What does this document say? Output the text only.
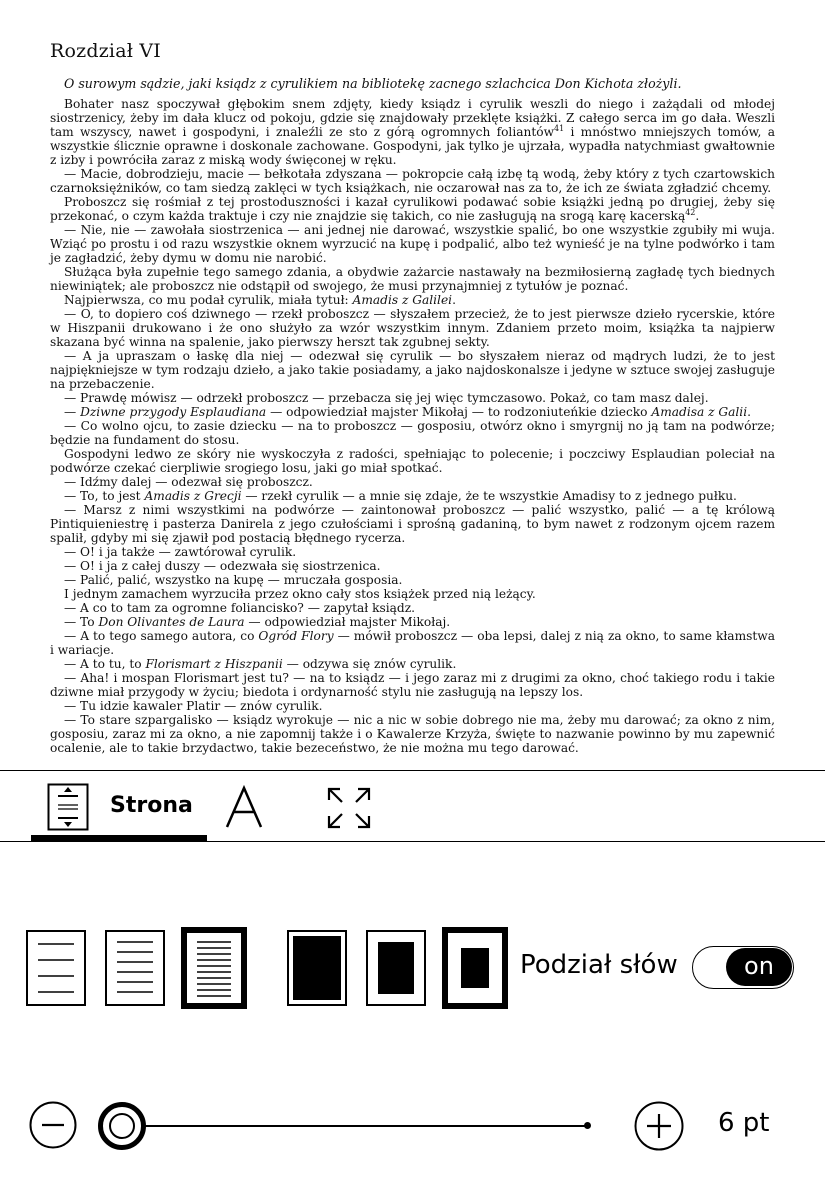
Rozdział VI
O surowym sądzie, jaki ksiądz z cyrulikiem na bibliotekę zacnego szlachcica Don Kichota złożyli.

Bohater nasz spoczywał głębokim snem zdjęty, kiedy ksiądz i cyrulik weszli do niego i zażądali od młodej siostrzenicy, żeby im dała klucz od pokoju, gdzie się znajdowały przeklęte książki. Z całego serca im go dała. Weszli tam wszyscy, nawet i gospodyni, i znaleźli ze sto z górą ogromnych foliantów$^{41}$ i mnóstwo mniejszych tomów, a wszystkie ślicznie oprawne i doskonale zachowane. Gospodyni, jak tylko je ujrzała, wypadła natychmiast gwałtownie z izby i powróciła zaraz z miską wody święconej w ręku.

— Macie, dobrodzieju, macie — bełkotała zdyszana — pokropcie całą izbę tą wodą, żeby który z tych czartowskich czarnoksiężników, co tam siedzą zaklęci w tych książkach, nie oczarował nas za to, że ich ze świata zgładzić chcemy.

Proboszcz się rośmiał z tej prostoduszności i kazał cyrulikowi podawać sobie książki jedną po drugiej, żeby się przekonać, o czym każda traktuje i czy nie znajdzie się takich, co nie zasługują na srogą karę kacerską$^{42}$.

— Nie, nie — zawołała siostrzenica — ani jednej nie darować, wszystkie spalić, bo one wszystkie zgubiły mi wuja. Wziąć po prostu i od razu wszystkie oknem wyrzucić na kupę i podpalić, albo też wynieść je na tylne podwórko i tam je zagładzić, żeby dymu w domu nie narobić.

Służąca była zupełnie tego samego zdania, a obydwie zażarcie nastawały na bezmiłosierną zagładę tych biednych niewiniątek; ale proboszcz nie odstąpił od swojego, że musi przynajmniej z tytułów je poznać.

Najpierwsza, co mu podał cyrulik, miała tytuł: Amadis z Galilei.

— O, to dopiero coś dziwnego — rzekł proboszcz — słyszałem przecież, że to jest pierwsze dzieło rycerskie, które w Hiszpanii drukowano i że ono służyło za wzór wszystkim innym. Zdaniem przeto moim, książka ta najpierw skazana być winna na spalenie, jako pierwszy herszt tak zgubnej sekty.

— A ja upraszam o łaskę dla niej — odezwał się cyrulik — bo słyszałem nieraz od mądrych ludzi, że to jest najpiękniejsze w tym rodzaju dzieło, a jako takie posiadamy, a jako najdoskonalsze i jedyne w sztuce swojej zasługuje na przebaczenie.

— Prawdę mówisz — odrzekł proboszcz — przebacza się jej więc tymczasowo. Pokaż, co tam masz dalej.

— Dziwne przygody Esplaudiana — odpowiedział majster Mikołaj — to rodzoniuteńkie dziecko Amadisa z Galii.

— Co wolno ojcu, to zasie dziecku — na to proboszcz — gosposiu, otwórz okno i smyrgnij no ją tam na podwórze; będzie na fundament do stosu.

Gospodyni ledwo ze skóry nie wyskoczyła z radości, spełniając to polecenie; i poczciwy Esplaudian poleciał na podwórze czekać cierpliwie srogiego losu, jaki go miał spotkać.

— Idźmy dalej — odezwał się proboszcz.

— To, to jest Amadis z Grecji — rzekł cyrulik — a mnie się zdaje, że te wszystkie Amadisy to z jednego pułku.

— Marsz z nimi wszystkimi na podwórze — zaintonował proboszcz — palić wszystko, palić — a tę królową Pintiquieniestrę i pasterza Danirela z jego czułościami i sprośną gadaniną, to bym nawet z rodzonym ojcem razem spalił, gdyby mi się zjawił pod postacią błędnego rycerza.

— O! i ja także — zawtórował cyrulik.

— O! i ja z całej duszy — odezwała się siostrzenica.

— Palić, palić, wszystko na kupę — mruczała gosposia.

I jednym zamachem wyrzuciła przez okno cały stos książek przed nią leżący.

— A co to tam za ogromne foliancisko? — zapytał ksiądz.

— To Don Olivantes de Laura — odpowiedział majster Mikołaj.

— A to tego samego autora, co Ogród Flory — mówił proboszcz — oba lepsi, dalej z nią za okno, to same kłamstwa i wariacje.

— A to tu, to Florismart z Hiszpanii — odzywa się znów cyrulik.

— Aha! i mospan Florismart jest tu? — na to ksiądz — i jego zaraz mi z drugimi za okno, choć takiego rodu i takie dziwne miał przygody w życiu; biedota i ordynarność stylu nie zasługują na lepszy los.

— Tu idzie kawaler Platir — znów cyrulik.

— To stare szpargalisko — ksiądz wyrokuje — nic a nic w sobie dobrego nie ma, żeby mu darować; za okno z nim, gosposiu, zaraz mi za okno, a nie zapomnij także i o Kawalerze Krzyża, święte to nazwanie powinno by mu zapewnić ocalenie, ale to takie brzydactwo, takie bezeceństwo, że nie można mu tego darować.

Strona
Podział słów	on
6 pt
